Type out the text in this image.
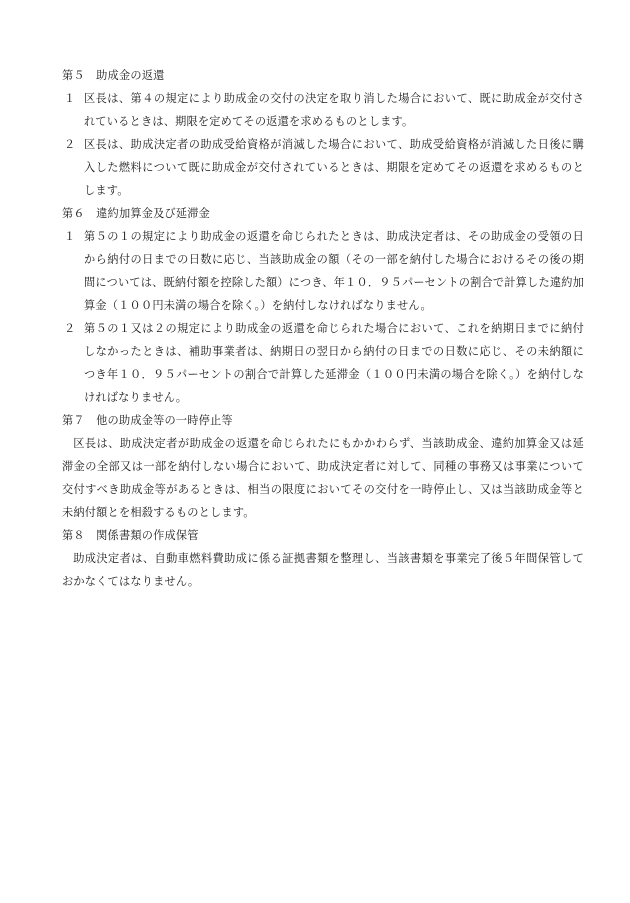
第５　助成金の返還
１ 区長は、第４の規定により助成金の交付の決定を取り消した場合において、既に助成金が交付されているときは、期限を定めてその返還を求めるものとします。
２ 区長は、助成決定者の助成受給資格が消滅した場合において、助成受給資格が消滅した日後に購入した燃料について既に助成金が交付されているときは、期限を定めてその返還を求めるものとします。
第６　違約加算金及び延滞金
１ 第５の１の規定により助成金の返還を命じられたときは、助成決定者は、その助成金の受領の日から納付の日までの日数に応じ、当該助成金の額（その一部を納付した場合におけるその後の期間については、既納付額を控除した額）につき、年１０．９５パーセントの割合で計算した違約加算金（１００円未満の場合を除く。）を納付しなければなりません。
２ 第５の１又は２の規定により助成金の返還を命じられた場合において、これを納期日までに納付しなかったときは、補助事業者は、納期日の翌日から納付の日までの日数に応じ、その未納額につき年１０．９５パーセントの割合で計算した延滞金（１００円未満の場合を除く。）を納付しなければなりません。
第７　他の助成金等の一時停止等
区長は、助成決定者が助成金の返還を命じられたにもかかわらず、当該助成金、違約加算金又は延滞金の全部又は一部を納付しない場合において、助成決定者に対して、同種の事務又は事業について交付すべき助成金等があるときは、相当の限度においてその交付を一時停止し、又は当該助成金等と未納付額とを相殺するものとします。
第８　関係書類の作成保管
助成決定者は、自動車燃料費助成に係る証拠書類を整理し、当該書類を事業完了後５年間保管しておかなくてはなりません。
